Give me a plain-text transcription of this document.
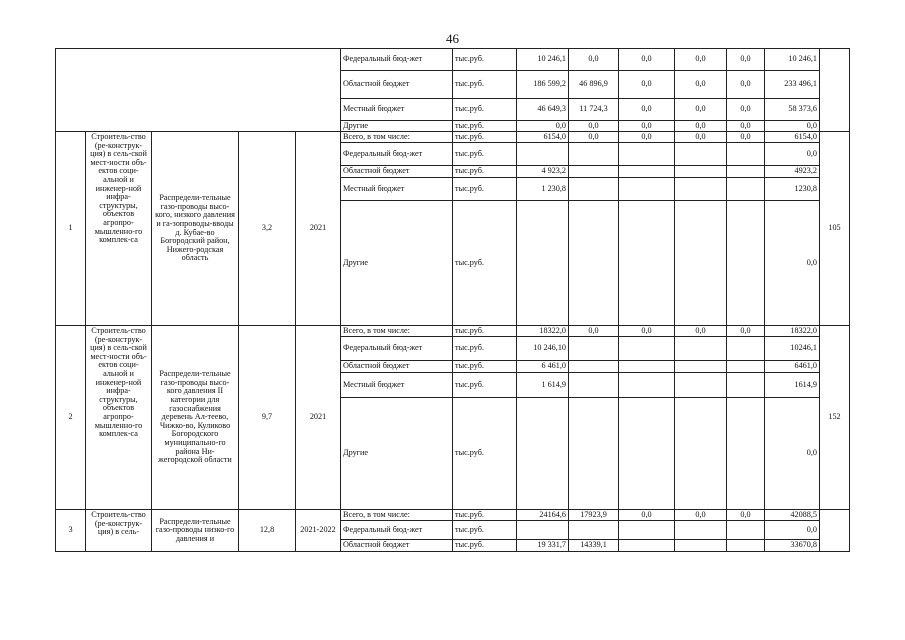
46
					Федеральный бюд-жет	тыс.руб.	10 246,1	0,0	0,0	0,0	0,0	10 246,1	
					Областной бюджет	тыс.руб.	186 599,2	46 896,9	0,0	0,0	0,0	233 496,1	
					Местный бюджет	тыс.руб.	46 649,3	11 724,3	0,0	0,0	0,0	58 373,6	
					Другие	тыс.руб.	0,0	0,0	0,0	0,0	0,0	0,0	
1	Строитель-ство (ре-конструк-ция) в сель-ской мест-ности объ-ектов соци-альной и инженер-ной инфра-структуры, объектов агропро-мышленно-го комплек-са	Распредели-тельные газо-проводы высо-кого, низкого давления и га-зопроводы-вводы д. Кубае-во Богородский район, Нижего-родская область	3,2	2021	Всего, в том числе:	тыс.руб.	6154,0	0,0	0,0	0,0	0,0	6154,0	105
					Федеральный бюд-жет	тыс.руб.						0,0	
					Областной бюджет	тыс.руб.	4 923,2					4923,2	
					Местный бюджет	тыс.руб.	1 230,8					1230,8	
					Другие	тыс.руб.						0,0	
2	Строитель-ство (ре-конструк-ция) в сель-ской мест-ности объ-ектов соци-альной и инженер-ной инфра-структуры, объектов агропро-мышленно-го комплек-са	Распредели-тельные газо-проводы высо-кого давления II категории для газоснабжения деревень Ал-теево, Чижко-во, Куликово Богородского муниципально-го района Ни-жегородской области	9,7	2021	Всего, в том числе:	тыс.руб.	18322,0	0,0	0,0	0,0	0,0	18322,0	152
					Федеральный бюд-жет	тыс.руб.	10 246,10					10246,1	
					Областной бюджет	тыс.руб.	6 461,0					6461,0	
					Местный бюджет	тыс.руб.	1 614,9					1614,9	
					Другие	тыс.руб.						0,0	
3	Строитель-ство (ре-конструк-ция) в сель-	Распредели-тельные газо-проводы низко-го давления и	12,8	2021-2022	Всего, в том числе:	тыс.руб.	24164,6	17923,9	0,0	0,0	0,0	42088,5	
					Федеральный бюд-жет	тыс.руб.						0,0	
					Областной бюджет	тыс.руб.	19 331,7	14339,1				33670,8	
